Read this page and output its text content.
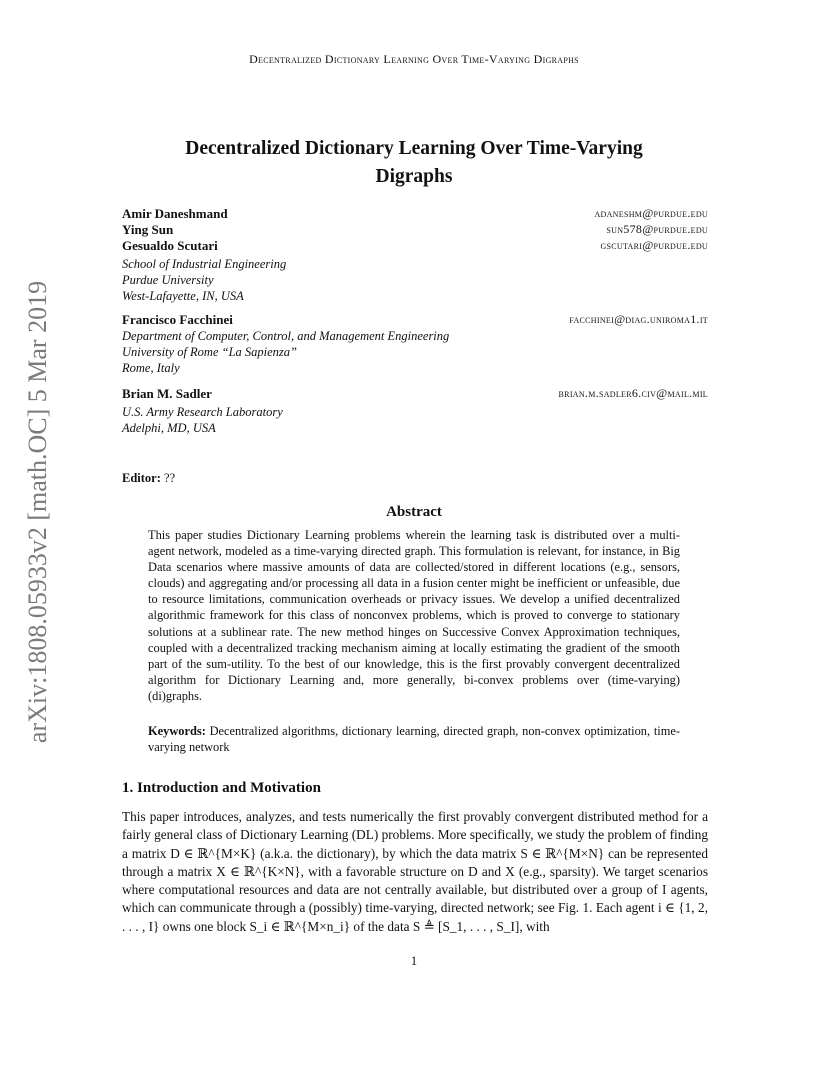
Decentralized Dictionary Learning Over Time-Varying Digraphs
Decentralized Dictionary Learning Over Time-Varying
Digraphs
Amir Daneshmand	adaneshm@purdue.edu
Ying Sun	sun578@purdue.edu
Gesualdo Scutari	gscutari@purdue.edu
School of Industrial Engineering
Purdue University
West-Lafayette, IN, USA
Francisco Facchinei	facchinei@diag.uniroma1.it
Department of Computer, Control, and Management Engineering
University of Rome “La Sapienza”
Rome, Italy
Brian M. Sadler	brian.m.sadler6.civ@mail.mil
U.S. Army Research Laboratory
Adelphi, MD, USA
Editor: ??
Abstract
This paper studies Dictionary Learning problems wherein the learning task is distributed over a multi-agent network, modeled as a time-varying directed graph. This formulation is relevant, for instance, in Big Data scenarios where massive amounts of data are collected/stored in different locations (e.g., sensors, clouds) and aggregating and/or processing all data in a fusion center might be inefficient or unfeasible, due to resource limitations, communication overheads or privacy issues. We develop a unified decentralized algorithmic framework for this class of nonconvex problems, which is proved to converge to stationary solutions at a sublinear rate. The new method hinges on Successive Convex Approximation techniques, coupled with a decentralized tracking mechanism aiming at locally estimating the gradient of the smooth part of the sum-utility. To the best of our knowledge, this is the first provably convergent decentralized algorithm for Dictionary Learning and, more generally, bi-convex problems over (time-varying) (di)graphs.
Keywords: Decentralized algorithms, dictionary learning, directed graph, non-convex optimization, time-varying network
1. Introduction and Motivation
This paper introduces, analyzes, and tests numerically the first provably convergent distributed method for a fairly general class of Dictionary Learning (DL) problems. More specifically, we study the problem of finding a matrix D ∈ ℝ^{M×K} (a.k.a. the dictionary), by which the data matrix S ∈ ℝ^{M×N} can be represented through a matrix X ∈ ℝ^{K×N}, with a favorable structure on D and X (e.g., sparsity). We target scenarios where computational resources and data are not centrally available, but distributed over a group of I agents, which can communicate through a (possibly) time-varying, directed network; see Fig. 1. Each agent i ∈ {1, 2, . . . , I} owns one block S_i ∈ ℝ^{M×n_i} of the data S ≜ [S_1, . . . , S_I], with
1
arXiv:1808.05933v2 [math.OC] 5 Mar 2019
